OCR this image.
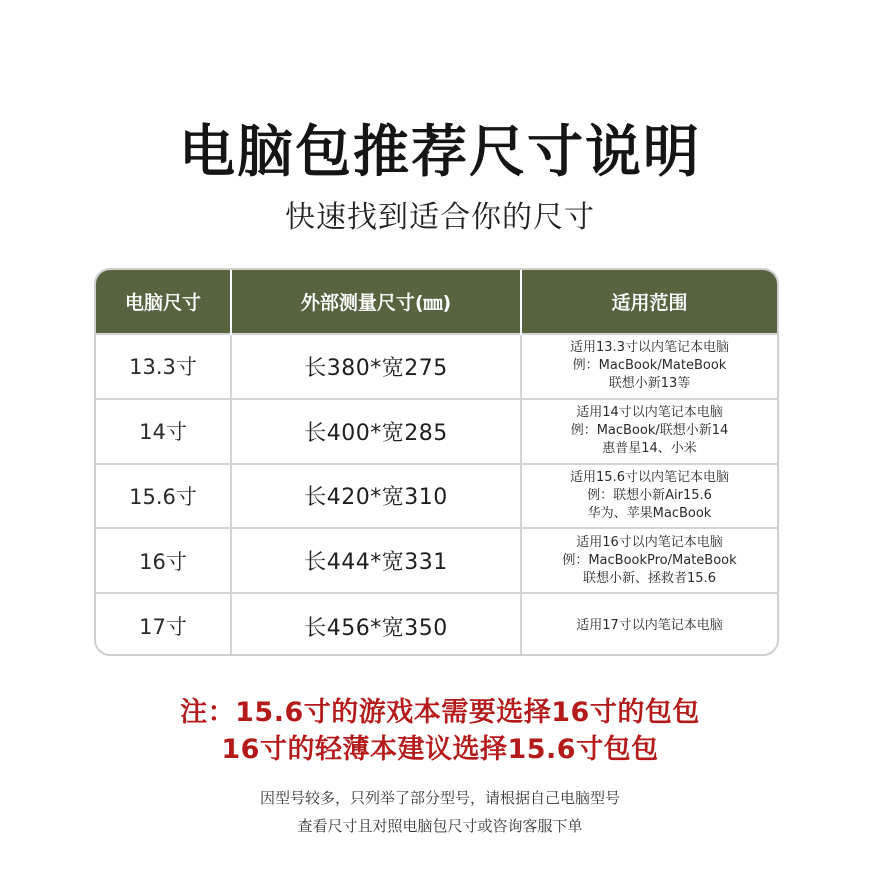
电脑包推荐尺寸说明
快速找到适合你的尺寸
电脑尺寸	外部测量尺寸(㎜)	适用范围
13.3寸	长380*宽275	适用13.3寸以内笔记本电脑
例：MacBook/MateBook
联想小新13等

14寸	长400*宽285	适用14寸以内笔记本电脑
例：MacBook/联想小新14
惠普星14、小米

15.6寸	长420*宽310	适用15.6寸以内笔记本电脑
例：联想小新Air15.6
华为、苹果MacBook

16寸	长444*宽331	适用16寸以内笔记本电脑
例：MacBookPro/MateBook
联想小新、拯救者15.6

17寸	长456*宽350	适用17寸以内笔记本电脑
注：15.6寸的游戏本需要选择16寸的包包
16寸的轻薄本建议选择15.6寸包包
因型号较多，只列举了部分型号，请根据自己电脑型号
查看尺寸且对照电脑包尺寸或咨询客服下单
